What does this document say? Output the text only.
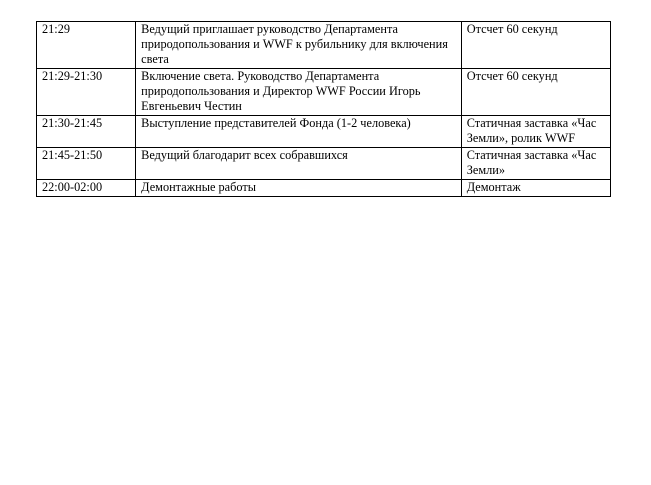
21:29	Ведущий приглашает руководство Департамента природопользования и WWF к рубильнику для включения света	Отсчет 60 секунд
21:29-21:30	Включение света. Руководство Департамента природопользования и Директор WWF России Игорь Евгеньевич Честин	Отсчет 60 секунд
21:30-21:45	Выступление представителей Фонда (1-2 человека)	Статичная заставка «Час Земли», ролик WWF
21:45-21:50	Ведущий благодарит всех собравшихся	Статичная заставка «Час Земли»
22:00-02:00	Демонтажные работы	Демонтаж
